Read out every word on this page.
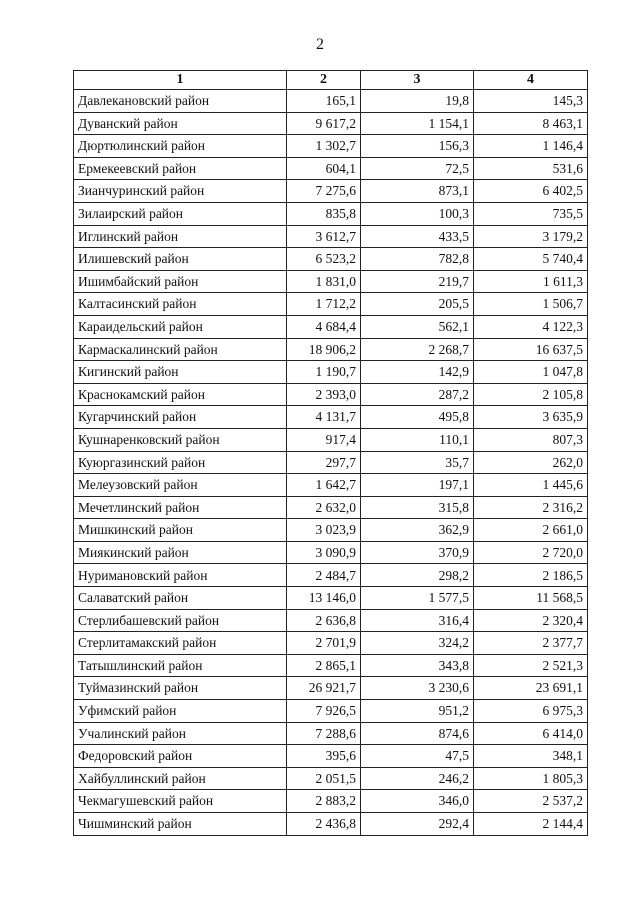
2
1	2	3	4
Давлекановский район	165,1	19,8	145,3
Дуванский район	9 617,2	1 154,1	8 463,1
Дюртюлинский район	1 302,7	156,3	1 146,4
Ермекеевский район	604,1	72,5	531,6
Зианчуринский район	7 275,6	873,1	6 402,5
Зилаирский район	835,8	100,3	735,5
Иглинский район	3 612,7	433,5	3 179,2
Илишевский район	6 523,2	782,8	5 740,4
Ишимбайский район	1 831,0	219,7	1 611,3
Калтасинский район	1 712,2	205,5	1 506,7
Караидельский район	4 684,4	562,1	4 122,3
Кармаскалинский район	18 906,2	2 268,7	16 637,5
Кигинский район	1 190,7	142,9	1 047,8
Краснокамский район	2 393,0	287,2	2 105,8
Кугарчинский район	4 131,7	495,8	3 635,9
Кушнаренковский район	917,4	110,1	807,3
Куюргазинский район	297,7	35,7	262,0
Мелеузовский район	1 642,7	197,1	1 445,6
Мечетлинский район	2 632,0	315,8	2 316,2
Мишкинский район	3 023,9	362,9	2 661,0
Миякинский район	3 090,9	370,9	2 720,0
Нуримановский район	2 484,7	298,2	2 186,5
Салаватский район	13 146,0	1 577,5	11 568,5
Стерлибашевский район	2 636,8	316,4	2 320,4
Стерлитамакский район	2 701,9	324,2	2 377,7
Татышлинский район	2 865,1	343,8	2 521,3
Туймазинский район	26 921,7	3 230,6	23 691,1
Уфимский район	7 926,5	951,2	6 975,3
Учалинский район	7 288,6	874,6	6 414,0
Федоровский район	395,6	47,5	348,1
Хайбуллинский район	2 051,5	246,2	1 805,3
Чекмагушевский район	2 883,2	346,0	2 537,2
Чишминский район	2 436,8	292,4	2 144,4
